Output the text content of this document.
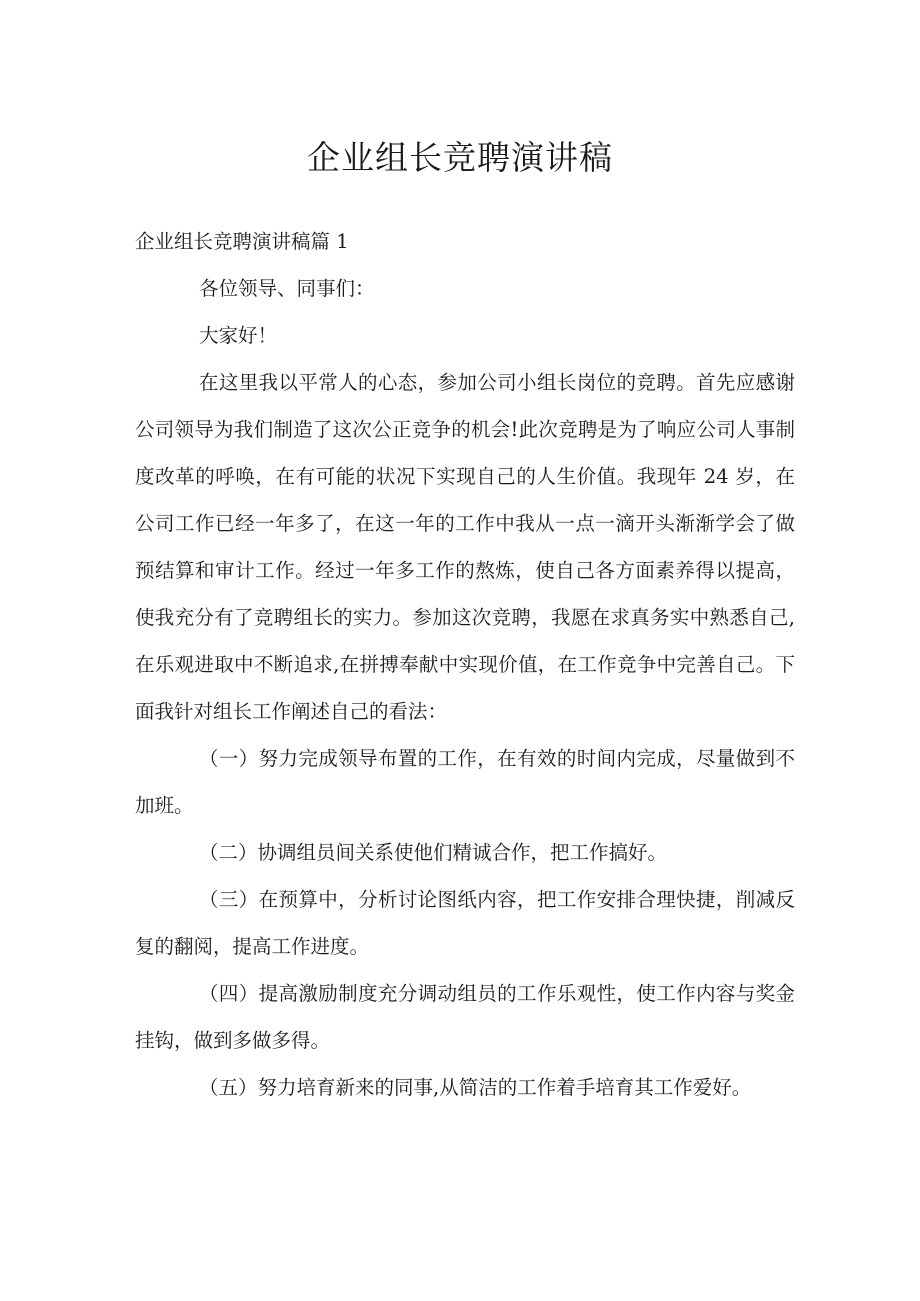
企业组长竞聘演讲稿

企业组长竞聘演讲稿篇 1

各位领导、同事们：

大家好！

在这里我以平常人的心态，参加公司小组长岗位的竞聘。首先应感谢公司领导为我们制造了这次公正竞争的机会!此次竞聘是为了响应公司人事制度改革的呼唤，在有可能的状况下实现自己的人生价值。我现年 24 岁，在公司工作已经一年多了，在这一年的工作中我从一点一滴开头渐渐学会了做预结算和审计工作。经过一年多工作的熬炼，使自己各方面素养得以提高，使我充分有了竞聘组长的实力。参加这次竞聘，我愿在求真务实中熟悉自己,在乐观进取中不断追求,在拼搏奉献中实现价值，在工作竞争中完善自己。下面我针对组长工作阐述自己的看法：

（一）努力完成领导布置的工作，在有效的时间内完成，尽量做到不加班。

（二）协调组员间关系使他们精诚合作，把工作搞好。

（三）在预算中，分析讨论图纸内容，把工作安排合理快捷，削减反复的翻阅，提高工作进度。

（四）提高激励制度充分调动组员的工作乐观性，使工作内容与奖金挂钩，做到多做多得。

（五）努力培育新来的同事,从简洁的工作着手培育其工作爱好。
